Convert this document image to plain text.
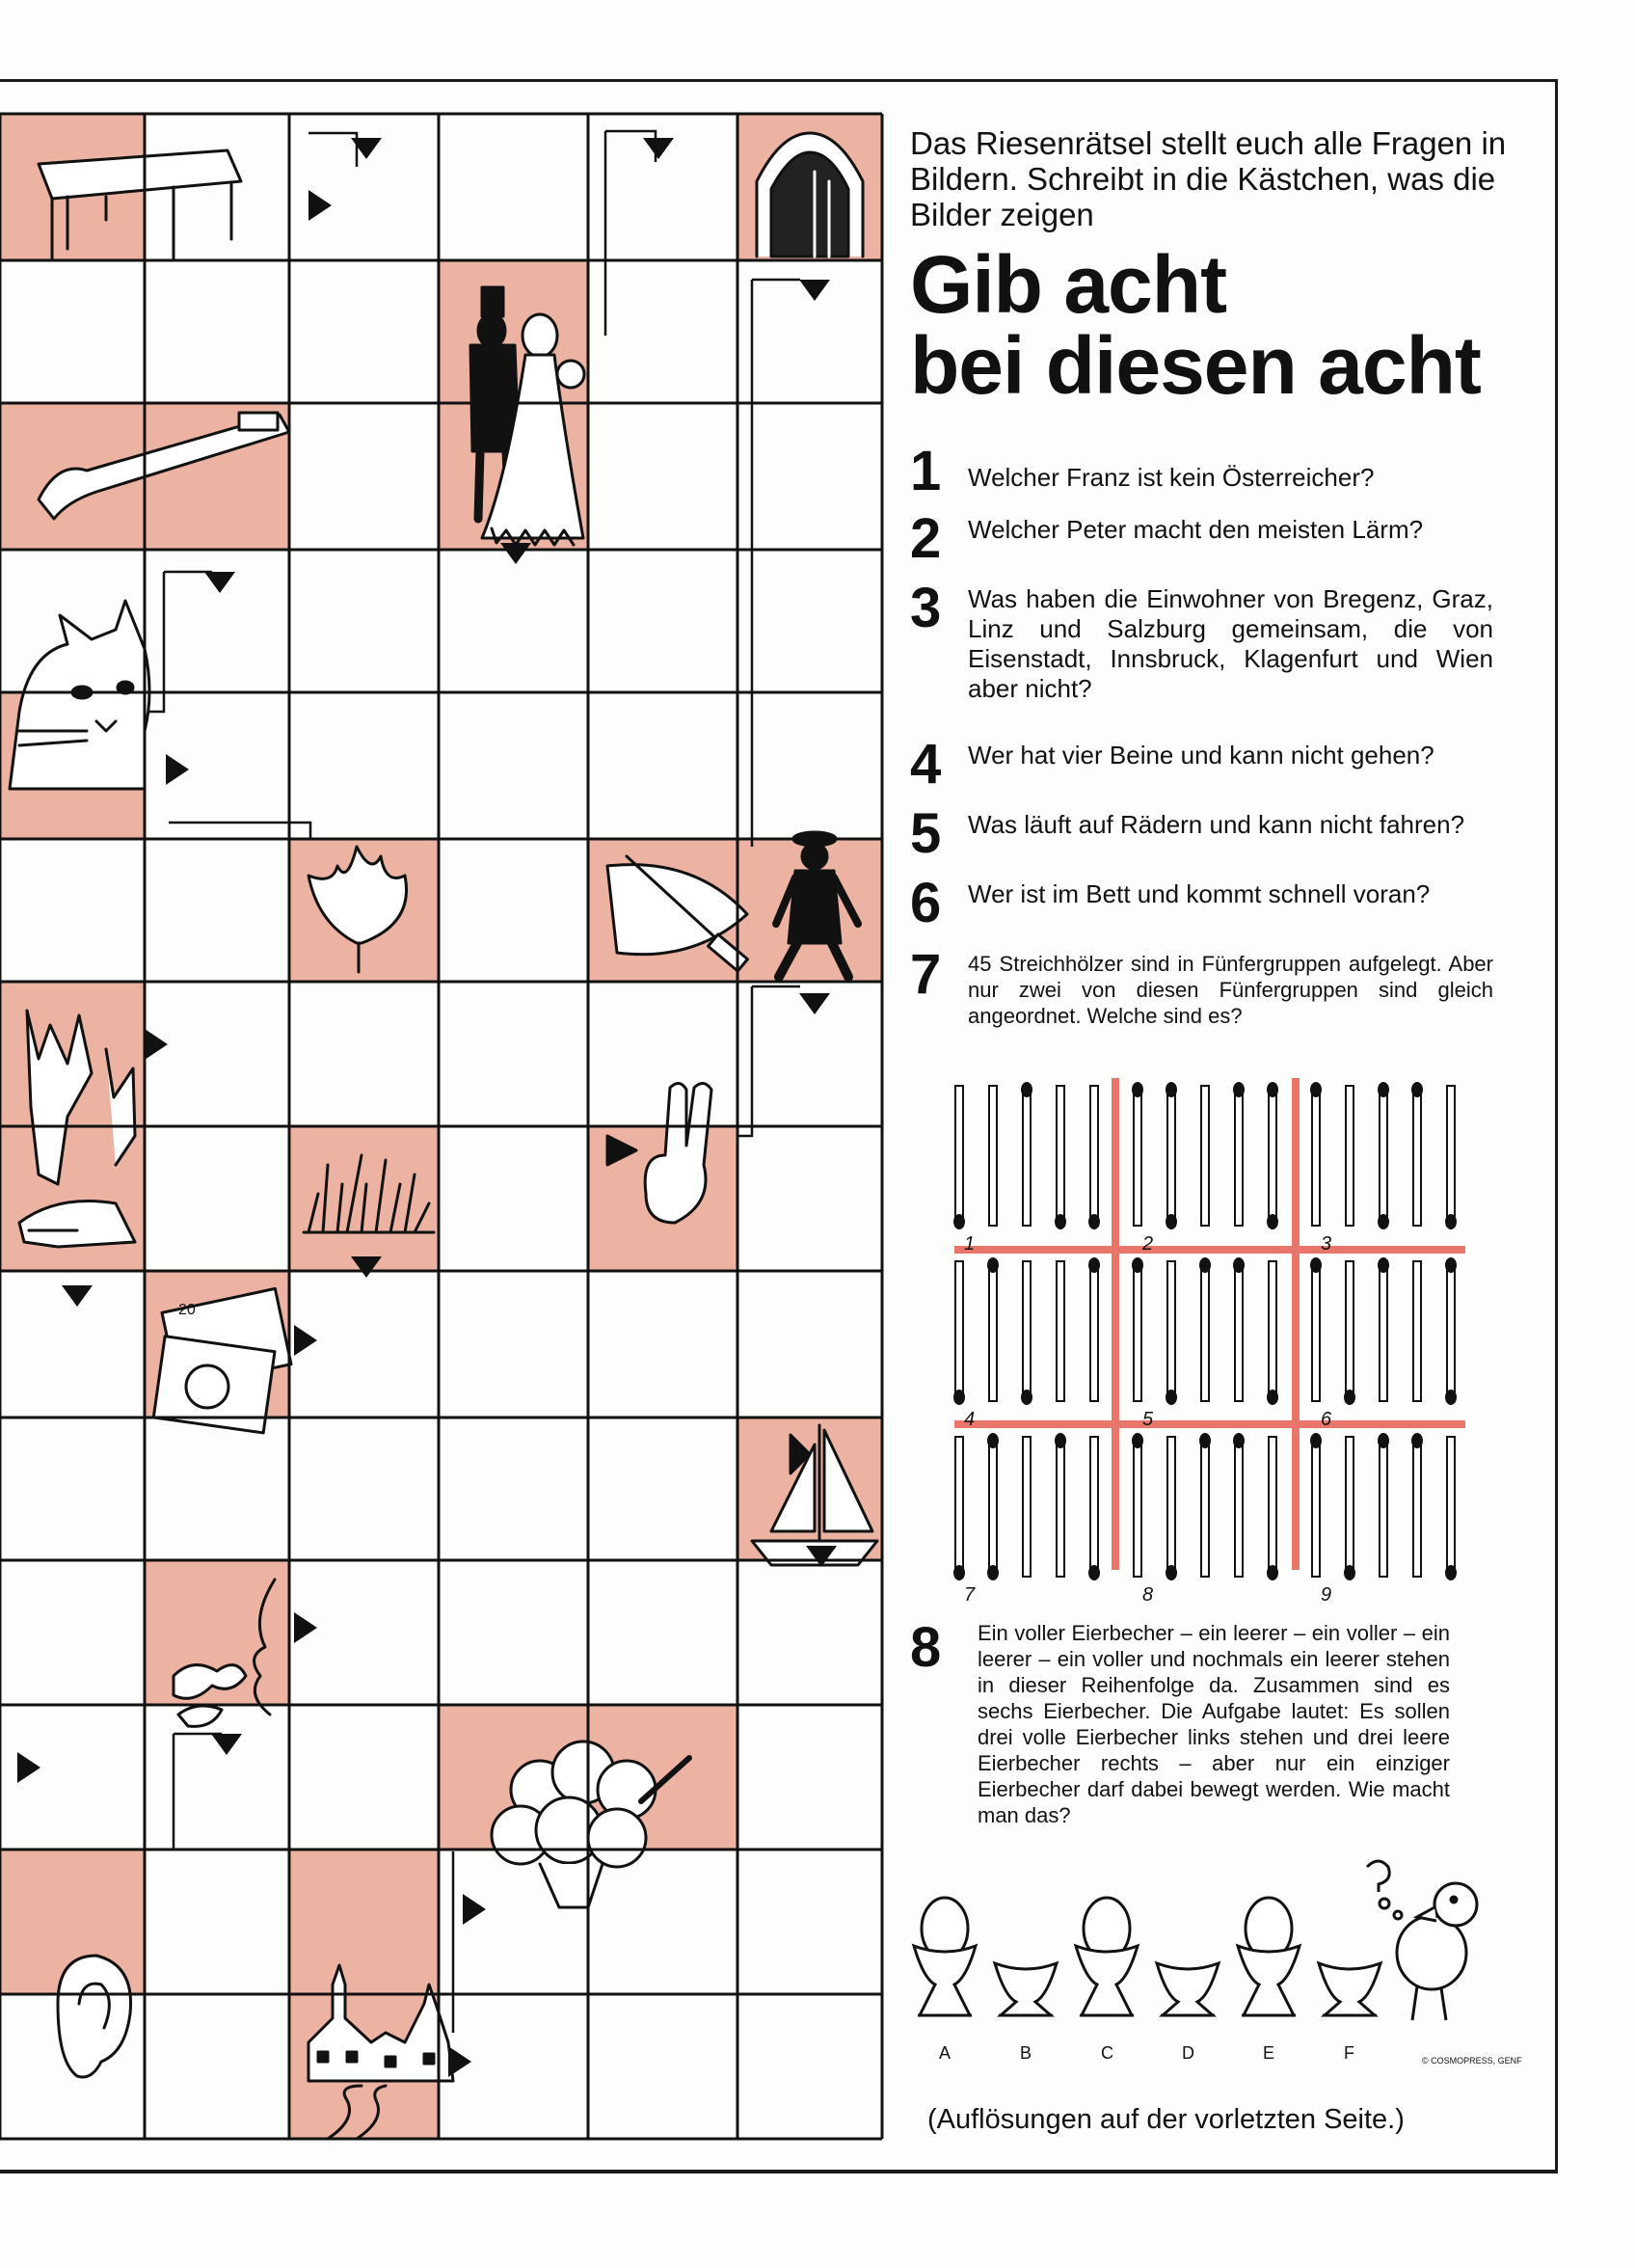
20

Das Riesenrätsel stellt euch alle Fragen in Bildern. Schreibt in die Kästchen, was die Bilder zeigen

Gib acht
bei diesen acht
1 Welcher Franz ist kein Österreicher?
2 Welcher Peter macht den meisten Lärm?
3 Was haben die Einwohner von Bregenz, Graz, Linz und Salzburg gemeinsam, die von Eisenstadt, Innsbruck, Klagenfurt und Wien aber nicht?
4 Wer hat vier Beine und kann nicht gehen?
5 Was läuft auf Rädern und kann nicht fahren?
6 Wer ist im Bett und kommt schnell voran?
7 45 Streichhölzer sind in Fünfergruppen aufgelegt. Aber nur zwei von diesen Fünfergruppen sind gleich angeordnet. Welche sind es?
8 Ein voller Eierbecher – ein leerer – ein voller – ein leerer – ein voller und nochmals ein leerer stehen in dieser Reihenfolge da. Zusammen sind es sechs Eierbecher. Die Aufgabe lautet: Es sollen drei volle Eierbecher links stehen und drei leere Eierbecher rechts – aber nur ein einziger Eierbecher darf dabei bewegt werden. Wie macht man das?
1	2	3
4	5	6
7	8	9
A	B	C	D	E	F	© COSMOPRESS, GENF
(Auflösungen auf der vorletzten Seite.)
